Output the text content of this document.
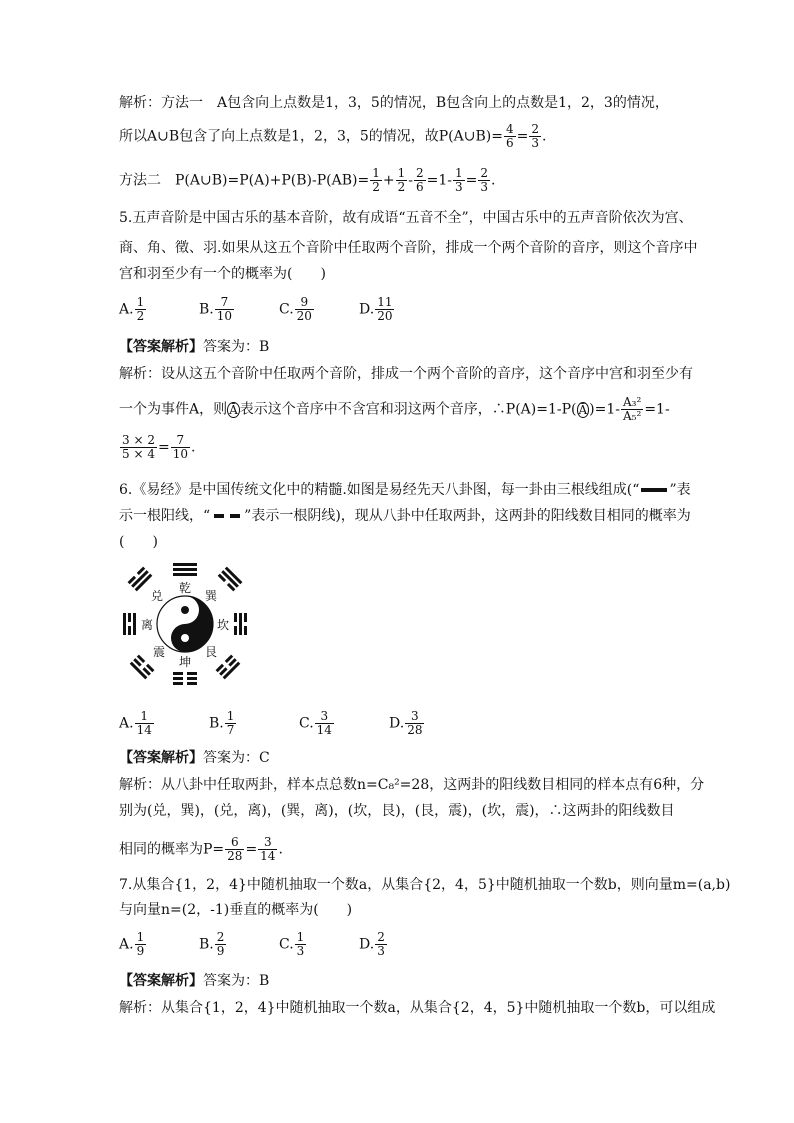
解析：方法一　A包含向上点数是1，3，5的情况，B包含向上的点数是1，2，3的情况，
所以A∪B包含了向上点数是1，2，3，5的情况，故P(A∪B)= $\frac{4}{6} = \frac{2}{3}$ .
方法二　P(A∪B)=P(A)+P(B)-P(AB)= $\frac{1}{2} + \frac{1}{2} - \frac{2}{6} =1- \frac{1}{3} = \frac{2}{3}$ .
5.五声音阶是中国古乐的基本音阶，故有成语“五音不全”，中国古乐中的五声音阶依次为宫、
商、角、徵、羽.如果从这五个音阶中任取两个音阶，排成一个两个音阶的音序，则这个音序中
宫和羽至少有一个的概率为(　　)
A. $\frac{1}{2}$	B. $\frac{7}{10}$	C. $\frac{9}{20}$	D. $\frac{11}{20}$
【答案解析】答案为：B
解析：设从这五个音阶中任取两个音阶，排成一个两个音阶的音序，这个音序中宫和羽至少有
一个为事件A，则 Ā 表示这个音序中不含宫和羽这两个音序，∴P(A)=1-P( Ā )$=1- \frac{\text{A₃²}}{\text{A₅²}} =1-$
$\frac{3 \times 2}{5 \times 4} = \frac{7}{10}$ .
6.《易经》是中国传统文化中的精髓.如图是易经先天八卦图，每一卦由三根线组成(“ ”表
示一根阳线，“ ”表示一根阴线)，现从八卦中任取两卦，这两卦的阳线数目相同的概率为
(　　)
乾
巽
坎
艮
坤
震
离
兑
A. $\frac{1}{14}$	B. $\frac{1}{7}$	C. $\frac{3}{14}$	D. $\frac{3}{28}$
【答案解析】答案为：C
解析：从八卦中任取两卦，样本点总数n=C₈²=28，这两卦的阳线数目相同的样本点有6种，分
别为(兑，巽)，(兑，离)，(巽，离)，(坎，艮)，(艮，震)，(坎，震)，∴这两卦的阳线数目
相同的概率为$P= \frac{6}{28} = \frac{3}{14}$ .
7.从集合{1，2，4}中随机抽取一个数a，从集合{2，4，5}中随机抽取一个数b，则向量m=(a,b)
与向量n=(2，-1)垂直的概率为(　　)
A. $\frac{1}{9}$	B. $\frac{2}{9}$	C. $\frac{1}{3}$	D. $\frac{2}{3}$
【答案解析】答案为：B
解析：从集合{1，2，4}中随机抽取一个数a，从集合{2，4，5}中随机抽取一个数b，可以组成
